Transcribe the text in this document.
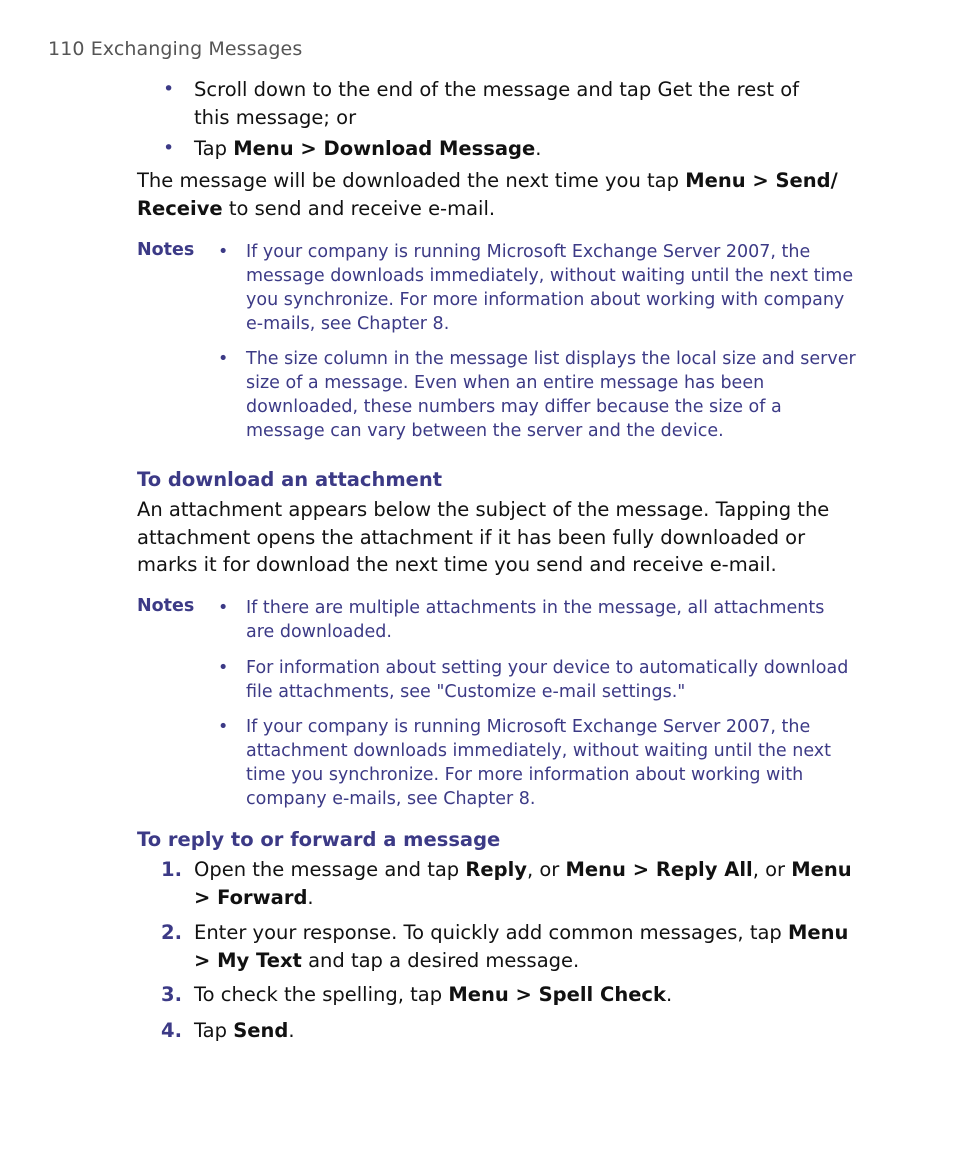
110 Exchanging Messages
• Scroll down to the end of the message and tap Get the rest of this message; or
• Tap Menu > Download Message.
The message will be downloaded the next time you tap Menu > Send/ Receive to send and receive e-mail.
Notes • If your company is running Microsoft Exchange Server 2007, the message downloads immediately, without waiting until the next time you synchronize. For more information about working with company e-mails, see Chapter 8.
• The size column in the message list displays the local size and server size of a message. Even when an entire message has been downloaded, these numbers may differ because the size of a message can vary between the server and the device.
To download an attachment
An attachment appears below the subject of the message. Tapping the attachment opens the attachment if it has been fully downloaded or marks it for download the next time you send and receive e-mail.
Notes • If there are multiple attachments in the message, all attachments are downloaded.
• For information about setting your device to automatically download file attachments, see "Customize e-mail settings."
• If your company is running Microsoft Exchange Server 2007, the attachment downloads immediately, without waiting until the next time you synchronize. For more information about working with company e-mails, see Chapter 8.
To reply to or forward a message
1. Open the message and tap Reply, or Menu > Reply All, or Menu > Forward.
2. Enter your response. To quickly add common messages, tap Menu > My Text and tap a desired message.
3. To check the spelling, tap Menu > Spell Check.
4. Tap Send.
